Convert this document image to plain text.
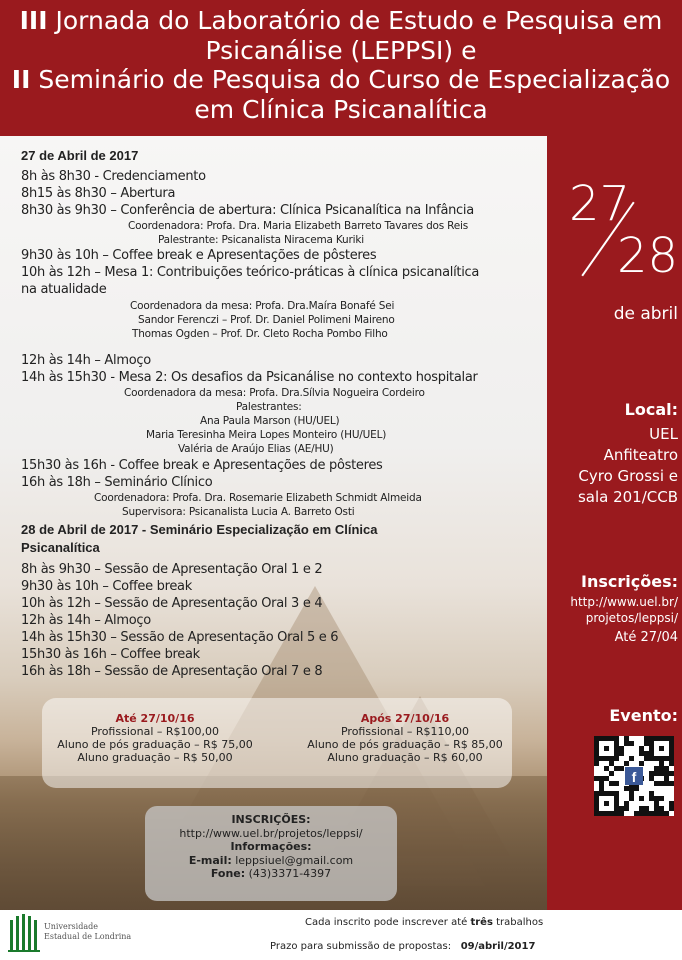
III Jornada do Laboratório de Estudo e Pesquisa em
Psicanálise (LEPPSI) e
II Seminário de Pesquisa do Curso de Especialização
em Clínica Psicanalítica
27 de Abril de 2017
8h às 8h30 - Credenciamento
8h15 às 8h30 – Abertura
8h30 às 9h30 – Conferência de abertura: Clínica Psicanalítica na Infância
Coordenadora: Profa. Dra. Maria Elizabeth Barreto Tavares dos Reis
Palestrante: Psicanalista Niracema Kuriki
9h30 às 10h – Coffee break e Apresentações de pôsteres
10h às 12h – Mesa 1: Contribuições teórico-práticas à clínica psicanalítica
na atualidade
Coordenadora da mesa: Profa. Dra.Maíra Bonafé Sei
Sandor Ferenczi – Prof. Dr. Daniel Polimeni Maireno
Thomas Ogden – Prof. Dr. Cleto Rocha Pombo Filho
12h às 14h – Almoço
14h às 15h30 - Mesa 2: Os desafios da Psicanálise no contexto hospitalar
Coordenadora da mesa: Profa. Dra.Sílvia Nogueira Cordeiro
Palestrantes:
Ana Paula Marson (HU/UEL)
Maria Teresinha Meira Lopes Monteiro (HU/UEL)
Valéria de Araújo Elias (AE/HU)
15h30 às 16h - Coffee break e Apresentações de pôsteres
16h às 18h – Seminário Clínico
Coordenadora: Profa. Dra. Rosemarie Elizabeth Schmidt Almeida
Supervisora: Psicanalista Lucia A. Barreto Osti
28 de Abril de 2017 - Seminário Especialização em Clínica
Psicanalítica
8h às 9h30 – Sessão de Apresentação Oral 1 e 2
9h30 às 10h – Coffee break
10h às 12h – Sessão de Apresentação Oral 3 e 4
12h às 14h – Almoço
14h às 15h30 – Sessão de Apresentação Oral 5 e 6
15h30 às 16h – Coffee break
16h às 18h – Sessão de Apresentação Oral 7 e 8
Até 27/10/16
Profissional – R$100,00
Aluno de pós graduação – R$ 75,00
Aluno graduação – R$ 50,00
Após 27/10/16
Profissional – R$110,00
Aluno de pós graduação – R$ 85,00
Aluno graduação – R$ 60,00
INSCRIÇÕES:
http://www.uel.br/projetos/leppsi/
Informações:
E-mail: leppsiuel@gmail.com
Fone: (43)3371-4397
27
28
de abril
Local:
UEL
Anfiteatro
Cyro Grossi e
sala 201/CCB
Inscrições:
http://www.uel.br/
projetos/leppsi/
Até 27/04
Evento:
f
Universidade
Estadual de Londrina
Cada inscrito pode inscrever até três trabalhos
Prazo para submissão de propostas: 09/abril/2017
